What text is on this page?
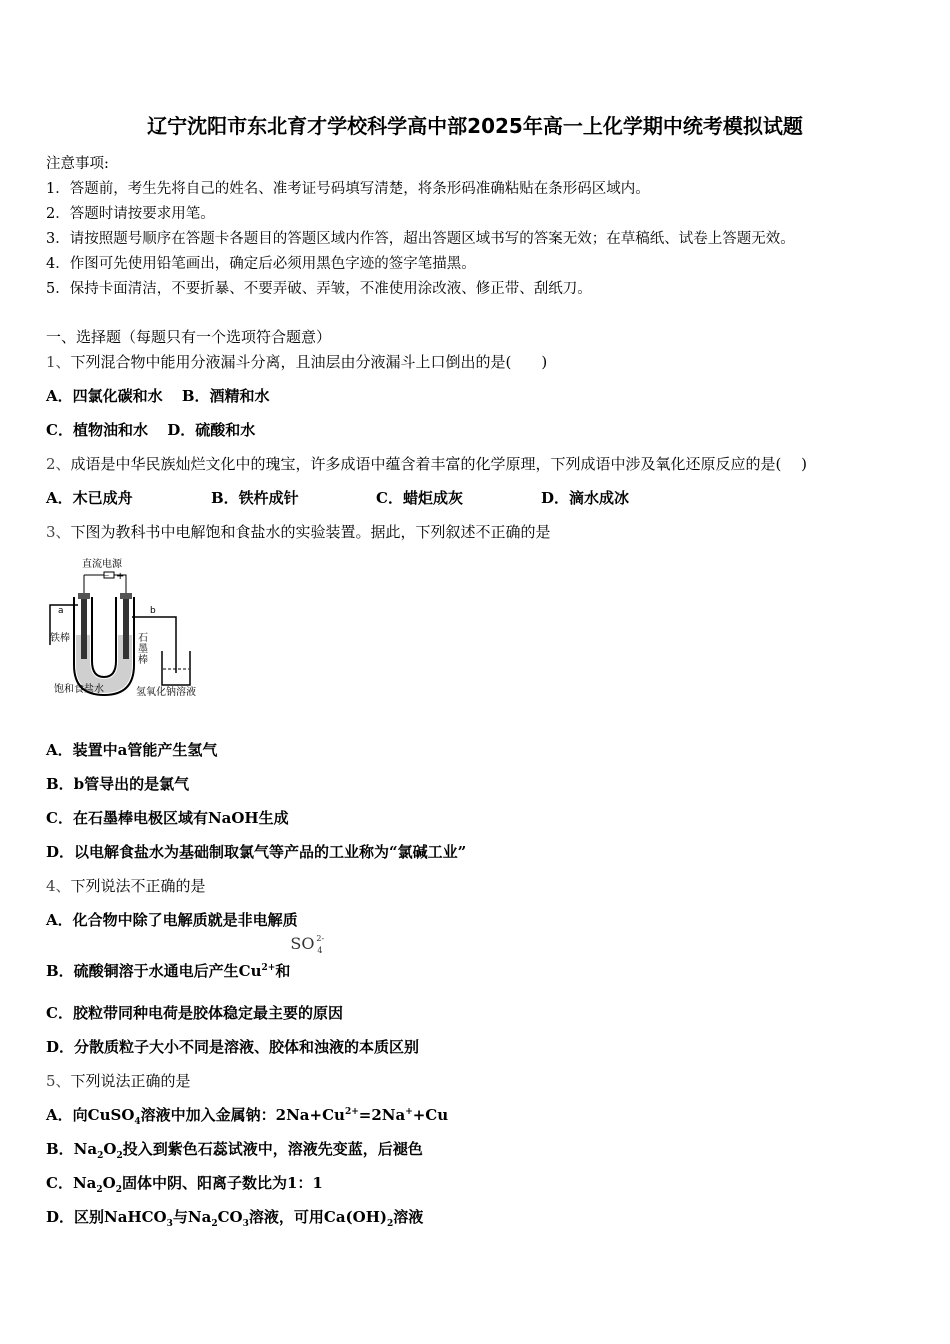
辽宁沈阳市东北育才学校科学高中部2025年高一上化学期中统考模拟试题
注意事项:
1．答题前，考生先将自己的姓名、准考证号码填写清楚，将条形码准确粘贴在条形码区域内。
2．答题时请按要求用笔。
3．请按照题号顺序在答题卡各题目的答题区域内作答，超出答题区域书写的答案无效；在草稿纸、试卷上答题无效。
4．作图可先使用铅笔画出，确定后必须用黑色字迹的签字笔描黑。
5．保持卡面清洁，不要折暴、不要弄破、弄皱，不准使用涂改液、修正带、刮纸刀。
一、选择题（每题只有一个选项符合题意）
1、下列混合物中能用分液漏斗分离，且油层由分液漏斗上口倒出的是(　　)
A．四氯化碳和水 B．酒精和水
C．植物油和水 D．硫酸和水
2、成语是中华民族灿烂文化中的瑰宝，许多成语中蕴含着丰富的化学原理，下列成语中涉及氧化还原反应的是(　 )
A．木已成舟	B．铁杵成针	C．蜡炬成灰	D．滴水成冰
3、下图为教科书中电解饱和食盐水的实验装置。据此，下列叙述不正确的是
直流电源
－ +
a	b
铁棒	石
墨
棒
饱和食盐水	氢氧化钠溶液
A．装置中a管能产生氢气
B．b管导出的是氯气
C．在石墨棒电极区域有NaOH生成
D．以电解食盐水为基础制取氯气等产品的工业称为“氯碱工业”
4、下列说法不正确的是
A．化合物中除了电解质就是非电解质
B．硫酸铜溶于水通电后产生$Cu^{2+}$和
SO 2-
4
C．胶粒带同种电荷是胶体稳定最主要的原因
D．分散质粒子大小不同是溶液、胶体和浊液的本质区别
5、下列说法正确的是
A．向CuSO$_4$溶液中加入金属钠：$2Na+Cu^{2+}=2Na^++Cu$
B．$Na_2O_2$投入到紫色石蕊试液中，溶液先变蓝，后褪色
C．$Na_2O_2$固体中阴、阳离子数比为1：1
D．区别NaHCO$_3$与$Na_2CO_3$溶液，可用$Ca(OH)_2$溶液
